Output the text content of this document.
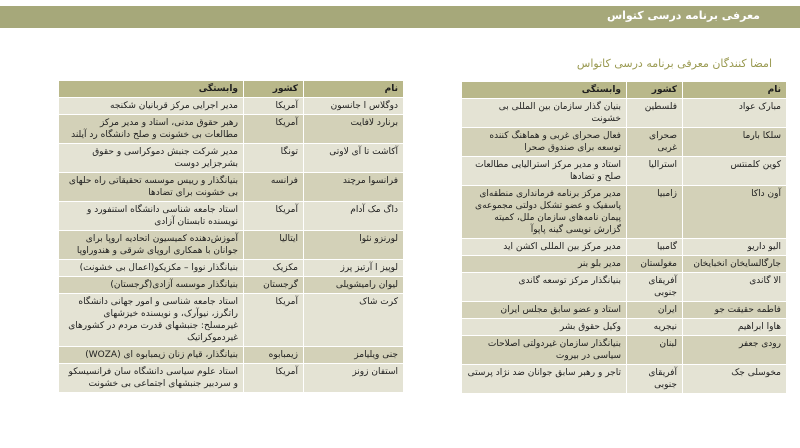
معرفی برنامه درسی کتواس
امضا کنندگان معرفی برنامه درسی کاتواس
نام	کشور	وابستگی
مبارک عواد	فلسطین	بنیان گذار سازمان بین المللی بی خشونت
سلکا بارما	صحرای غربی	فعال صحرای غربی و هماهنگ کننده توسعه برای صندوق صحرا
کوین کلمنتس	استرالیا	استاد و مدیر مرکز استرالیایی مطالعات صلح و تضادها
آون داکا	زامبیا	مدیر مرکز برنامه فرمانداری منطقه‌ای پاسفیک و عضو تشکل دولتی مجموعه‌ی پیمان نامه‌های سازمان ملل، کمیته گزارش نویسی گینه پاپوآ
الیو داریو	گامبیا	مدیر مرکز بین المللی اکشن اید
جارگالسایخان انخبایخان	مغولستان	مدیر بلو بنر
الا گاندی	آفریقای جنوبی	بنیانگذار مرکز توسعه گاندی
فاطمه حقیقت جو	ایران	استاد و عضو سابق مجلس ایران
هاوا ابراهیم	نیجریه	وکیل حقوق بشر
رودی جعفر	لبنان	بنیانگذار سازمان غیردولتی اصلاحات سیاسی در بیروت
مخوسلی جک	آفریقای جنوبی	تاجر و رهبر سابق جوانان ضد نژاد پرستی
نام	کشور	وابستگی
دوگلاس ا جانسون	آمریکا	مدیر اجرایی مرکز قربانیان شکنجه
برنارد لافایت	آمریکا	رهبر حقوق مدنی، استاد و مدیر مرکز مطالعات بی خشونت و صلح دانشگاه رد آیلند
آکاشت تا آی لاوتی	تونگا	مدیر شرکت جنبش دموکراسی و حقوق بشرجزایر دوست
فرانسوا مرچند	فرانسه	بنیانگذار و رییس موسسه تحقیقاتی راه حلهای بی خشونت برای تضادها
داگ مک آدام	آمریکا	استاد جامعه شناسی دانشگاه استنفورد و نویسنده تابستان آزادی
لورنزو نئوا	ایتالیا	آموزش‌دهنده کمیسیون اتحادیه اروپا برای جوانان با همکاری اروپای شرقی و هندوراوپا
لوپیز ا آرتیز پرز	مکزیک	بنیانگذار نووا – مکزیکو(اعمال بی خشونت)
لیوان رامیشویلی	گرجستان	بنیانگذار موسسه آزادی(گرجستان)
کرت شاک	آمریکا	استاد جامعه شناسی و امور جهانی دانشگاه راتگرز، نیوآرک، و نویسنده خیزشهای غیرمسلح: جنبشهای قدرت مردم در کشورهای غیردموکراتیک
جنی ویلیامز	زیمبابوه	بنیانگذار، قیام زنان زیمبابوه ای (WOZA)
استفان زونز	آمریکا	استاد علوم سیاسی دانشگاه سان فرانسیسکو و سردبیر جنبشهای اجتماعی بی خشونت
